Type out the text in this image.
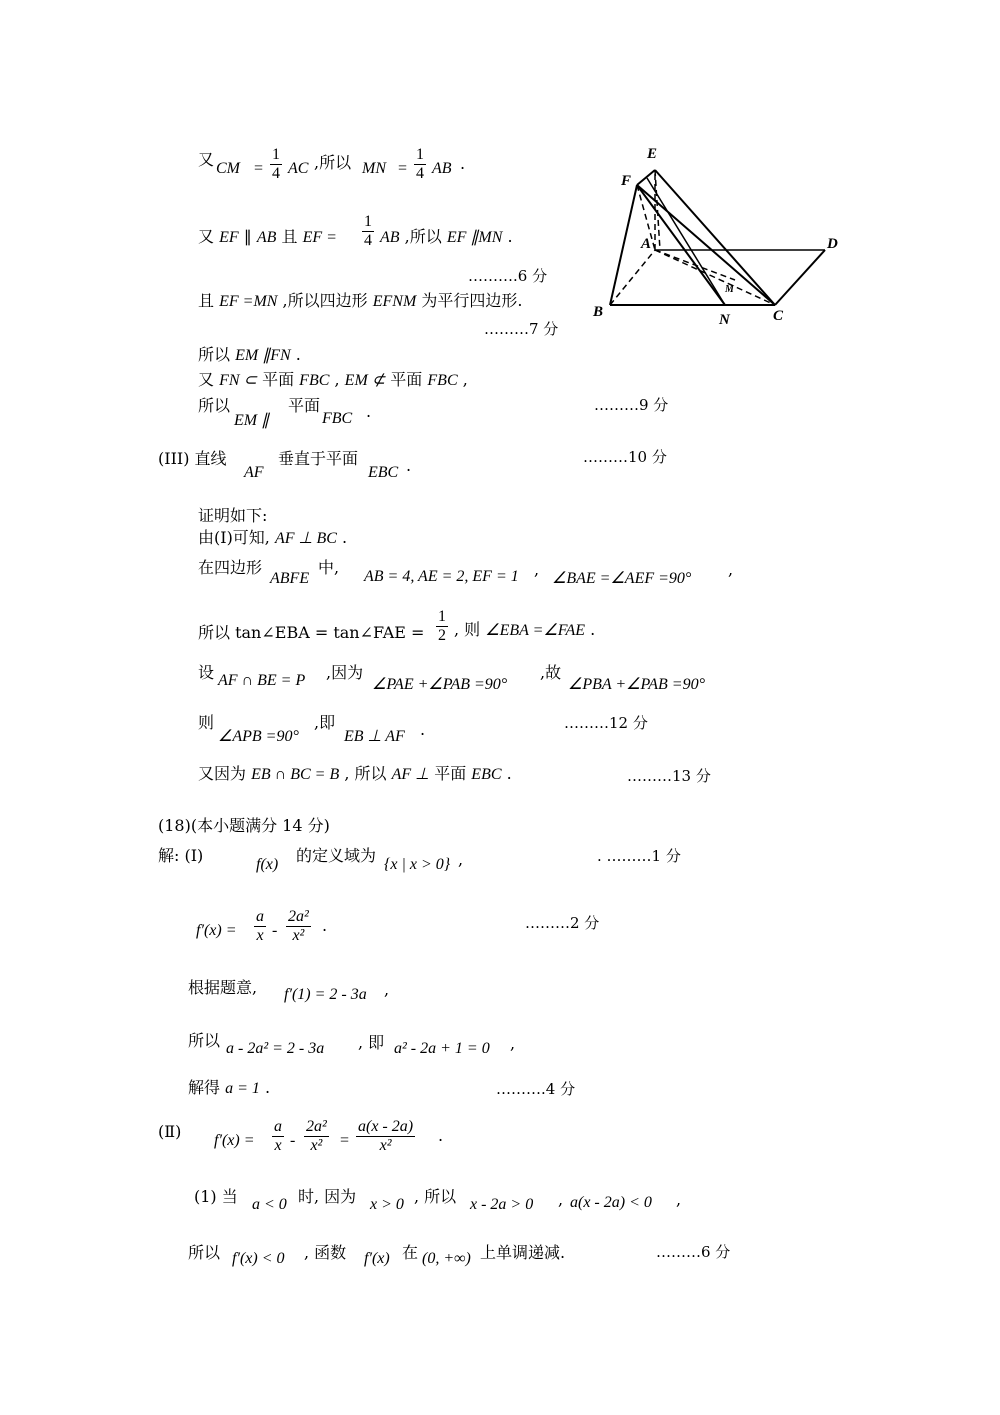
又 CM = $\frac{1}{4}$ AC ,所以 MN = $\frac{1}{4}$ AB .
又 EF ∥ AB 且 EF = $\frac{1}{4}$ AB ,所以 EF ∥MN .
……….6 分
且 EF =MN ,所以四边形 EFNM 为平行四边形.
………7 分
所以 EM ∥FN .
又 FN ⊂ 平面 FBC , EM ⊄ 平面 FBC ,
所以
EM ∥
平面
FBC .	………9 分
E
F
A	D
B	N	C
M
(III) 直线
AF
垂直于平面
EBC .	………10 分
证明如下:
由(Ⅰ)可知, AF ⊥ BC .
在四边形
ABFE
中, AB = 4, AE = 2, EF = 1 , ∠BAE =∠AEF =90° ,
所以 tan∠EBA = tan∠FAE = $\frac{1}{2}$ , 则 ∠EBA =∠FAE .
设 AF ∩ BE = P ,因为
∠PAE +∠PAB =90°
,故
∠PBA +∠PAB =90°
则
∠APB =90°
,即
EB ⊥ AF .	………12 分
又因为 EB ∩ BC = B , 所以 AF ⊥ 平面 EBC .	………13 分
(18)(本小题满分 14 分)
解: (Ⅰ)	f(x) 的定义域为 {x | x > 0} ,	. ………1 分
$f'(x) = \frac{a}{x} - \frac{\text{2a²}}{\text{x²}}$ .	………2 分
根据题意, f′(1) = 2 - 3a ,
所以 a - 2a² = 2 - 3a , 即 a² - 2a + 1 = 0 ,
解得 a = 1 .	……….4 分
(Ⅱ) $f'(x) = \frac{a}{x} - \frac{\text{2a²}}{\text{x²}} = \frac{a(x - 2a)}{\text{x²}}$ .
(1) 当 a < 0 时, 因为 x > 0 , 所以 x - 2a > 0 , a(x - 2a) < 0 ,
所以 f′(x) < 0 , 函数 f′(x) 在 (0, +∞) 上单调递减.	………6 分
